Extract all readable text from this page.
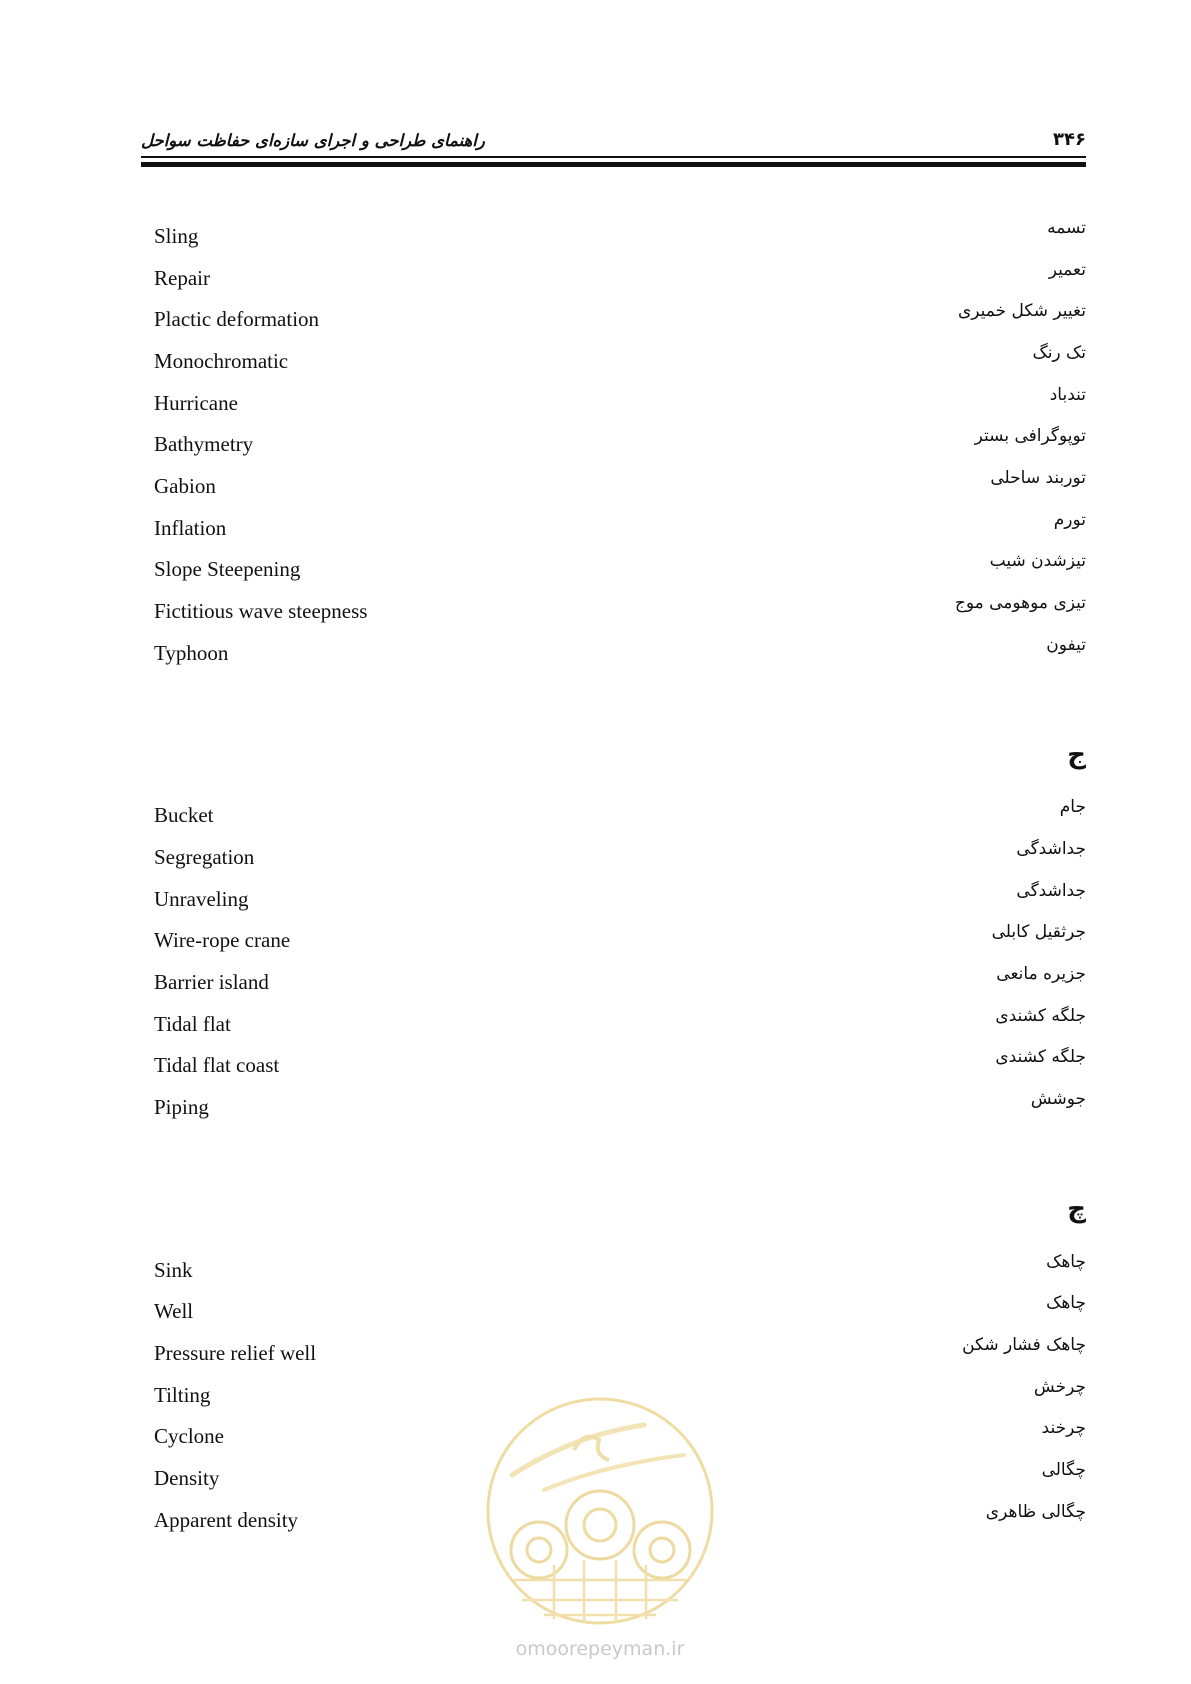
راهنمای طراحی و اجرای سازه‌ای حفاظت سواحل	۳۴۶
Sling	تسمه
Repair	تعمیر
Plactic deformation	تغییر شکل خمیری
Monochromatic	تک رنگ
Hurricane	تندباد
Bathymetry	توپوگرافی بستر
Gabion	توربند ساحلی
Inflation	تورم
Slope Steepening	تیزشدن شیب
Fictitious wave steepness	تیزی موهومی موج
Typhoon	تیفون
ج
Bucket	جام
Segregation	جداشدگی
Unraveling	جداشدگی
Wire-rope crane	جرثقیل کابلی
Barrier island	جزیره مانعی
Tidal flat	جلگه کشندی
Tidal flat coast	جلگه کشندی
Piping	جوشش
چ
Sink	چاهک
Well	چاهک
Pressure relief well	چاهک فشار شکن
Tilting	چرخش
Cyclone	چرخند
Density	چگالی
Apparent density	چگالی ظاهری
omoorepeyman.ir
